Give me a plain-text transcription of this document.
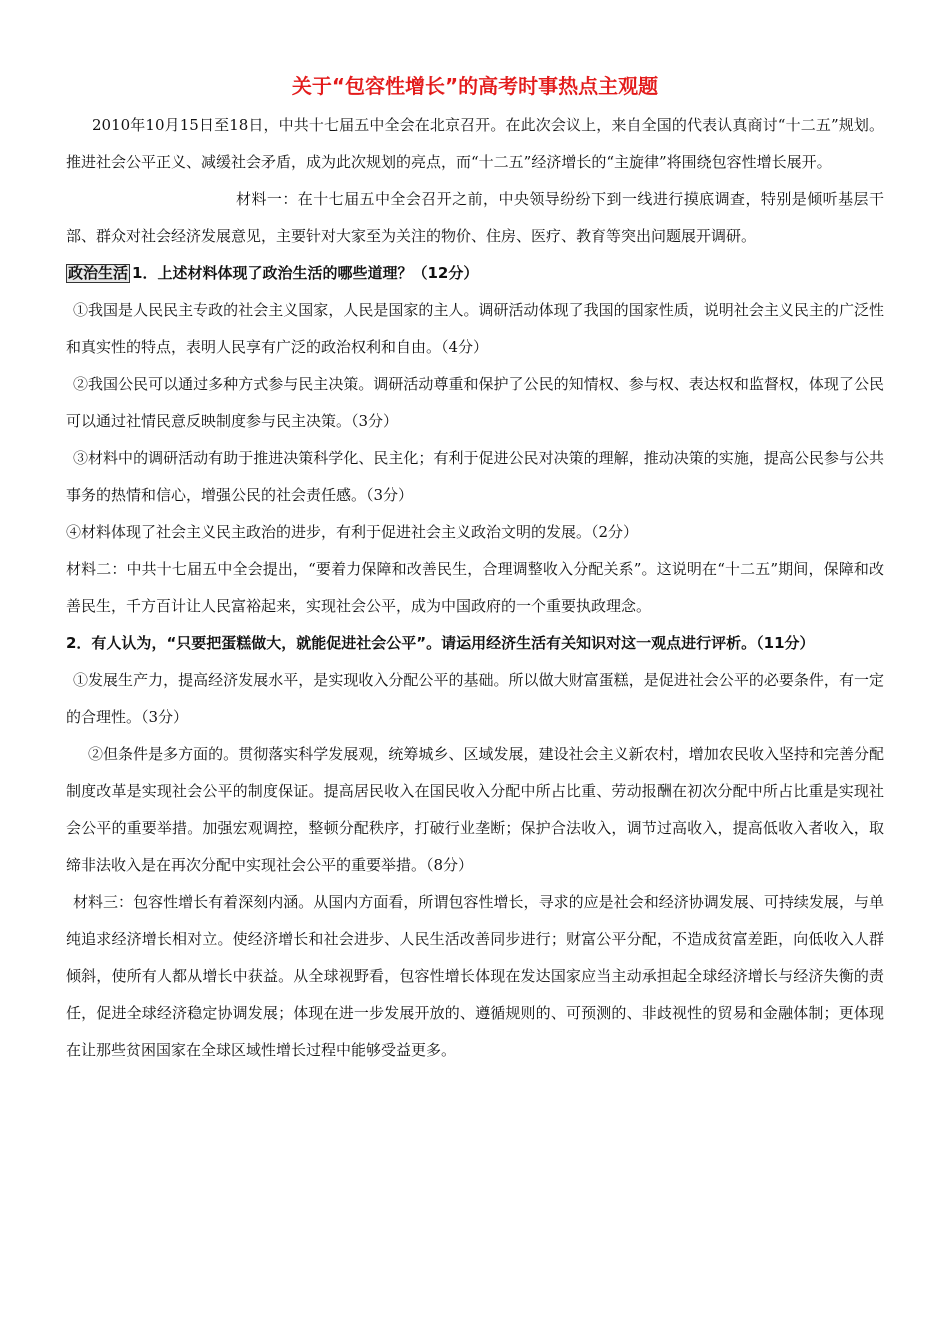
关于“包容性增长”的高考时事热点主观题

2010年10月15日至18日，中共十七届五中全会在北京召开。在此次会议上，来自全国的代表认真商讨“十二五”规划。推进社会公平正义、减缓社会矛盾，成为此次规划的亮点，而“十二五”经济增长的“主旋律”将围绕包容性增长展开。

材料一：在十七届五中全会召开之前，中央领导纷纷下到一线进行摸底调查，特别是倾听基层干部、群众对社会经济发展意见，主要针对大家至为关注的物价、住房、医疗、教育等突出问题展开调研。

政治生活 1．上述材料体现了政治生活的哪些道理？（12分）

①我国是人民民主专政的社会主义国家，人民是国家的主人。调研活动体现了我国的国家性质，说明社会主义民主的广泛性和真实性的特点，表明人民享有广泛的政治权利和自由。（4分）

②我国公民可以通过多种方式参与民主决策。调研活动尊重和保护了公民的知情权、参与权、表达权和监督权，体现了公民可以通过社情民意反映制度参与民主决策。（3分）

③材料中的调研活动有助于推进决策科学化、民主化；有利于促进公民对决策的理解，推动决策的实施，提高公民参与公共事务的热情和信心，增强公民的社会责任感。（3分）

④材料体现了社会主义民主政治的进步，有利于促进社会主义政治文明的发展。（2分）

材料二：中共十七届五中全会提出，“要着力保障和改善民生，合理调整收入分配关系”。这说明在“十二五”期间，保障和改善民生，千方百计让人民富裕起来，实现社会公平，成为中国政府的一个重要执政理念。

2．有人认为，“只要把蛋糕做大，就能促进社会公平”。请运用经济生活有关知识对这一观点进行评析。（11分）

①发展生产力，提高经济发展水平，是实现收入分配公平的基础。所以做大财富蛋糕，是促进社会公平的必要条件，有一定的合理性。（3分）

②但条件是多方面的。贯彻落实科学发展观，统筹城乡、区域发展，建设社会主义新农村，增加农民收入坚持和完善分配制度改革是实现社会公平的制度保证。提高居民收入在国民收入分配中所占比重、劳动报酬在初次分配中所占比重是实现社会公平的重要举措。加强宏观调控，整顿分配秩序，打破行业垄断；保护合法收入，调节过高收入，提高低收入者收入，取缔非法收入是在再次分配中实现社会公平的重要举措。（8分）

材料三：包容性增长有着深刻内涵。从国内方面看，所谓包容性增长，寻求的应是社会和经济协调发展、可持续发展，与单纯追求经济增长相对立。使经济增长和社会进步、人民生活改善同步进行；财富公平分配，不造成贫富差距，向低收入人群倾斜，使所有人都从增长中获益。从全球视野看，包容性增长体现在发达国家应当主动承担起全球经济增长与经济失衡的责任，促进全球经济稳定协调发展；体现在进一步发展开放的、遵循规则的、可预测的、非歧视性的贸易和金融体制；更体现在让那些贫困国家在全球区域性增长过程中能够受益更多。
